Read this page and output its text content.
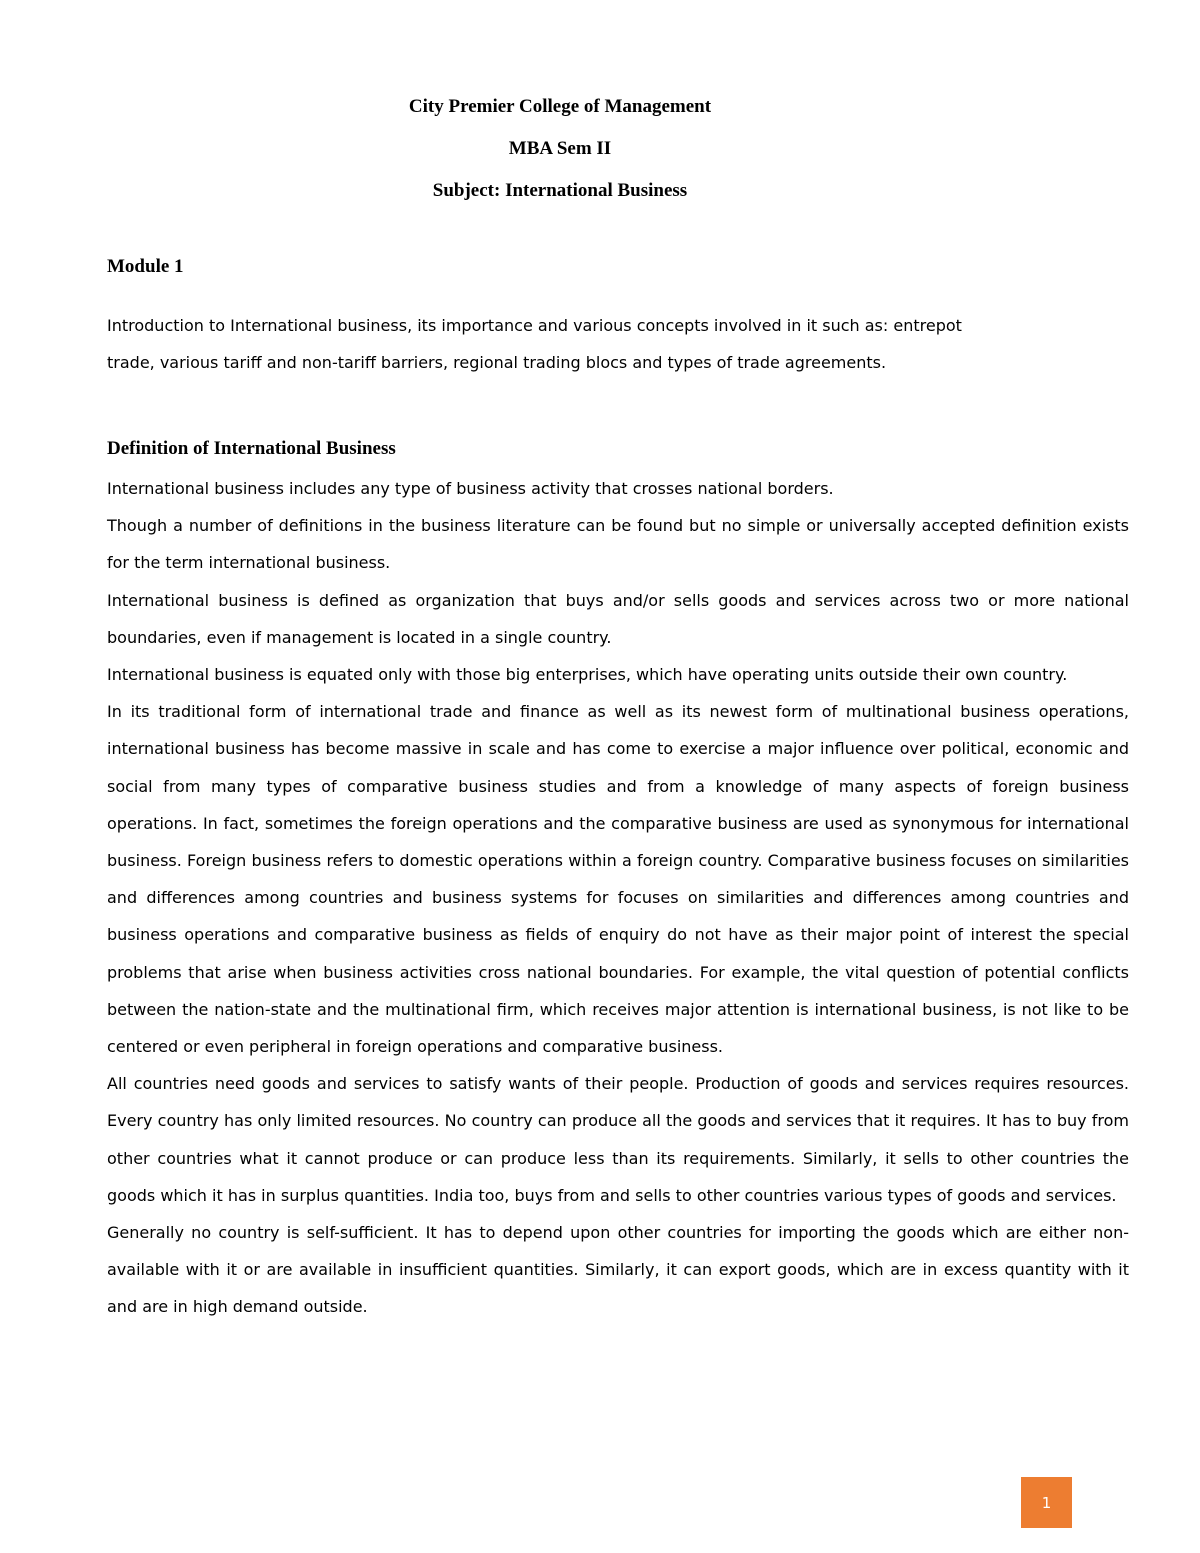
City Premier College of Management

MBA Sem II

Subject: International Business

Module 1

Introduction to International business, its importance and various concepts involved in it such as: entrepot
trade, various tariff and non-tariff barriers, regional trading blocs and types of trade agreements.

Definition of International Business

International business includes any type of business activity that crosses national borders.

Though a number of definitions in the business literature can be found but no simple or universally accepted definition exists for the term international business.

International business is defined as organization that buys and/or sells goods and services across two or more national boundaries, even if management is located in a single country.

International business is equated only with those big enterprises, which have operating units outside their own country.

In its traditional form of international trade and finance as well as its newest form of multinational business operations, international business has become massive in scale and has come to exercise a major influence over political, economic and social from many types of comparative business studies and from a knowledge of many aspects of foreign business operations. In fact, sometimes the foreign operations and the comparative business are used as synonymous for international business. Foreign business refers to domestic operations within a foreign country. Comparative business focuses on similarities and differences among countries and business systems for focuses on similarities and differences among countries and business operations and comparative business as fields of enquiry do not have as their major point of interest the special problems that arise when business activities cross national boundaries. For example, the vital question of potential conflicts between the nation-state and the multinational firm, which receives major attention is international business, is not like to be centered or even peripheral in foreign operations and comparative business.

All countries need goods and services to satisfy wants of their people. Production of goods and services requires resources. Every country has only limited resources. No country can produce all the goods and services that it requires. It has to buy from other countries what it cannot produce or can produce less than its requirements. Similarly, it sells to other countries the goods which it has in surplus quantities. India too, buys from and sells to other countries various types of goods and services.

Generally no country is self-sufficient. It has to depend upon other countries for importing the goods which are either non-available with it or are available in insufficient quantities. Similarly, it can export goods, which are in excess quantity with it and are in high demand outside.

1
